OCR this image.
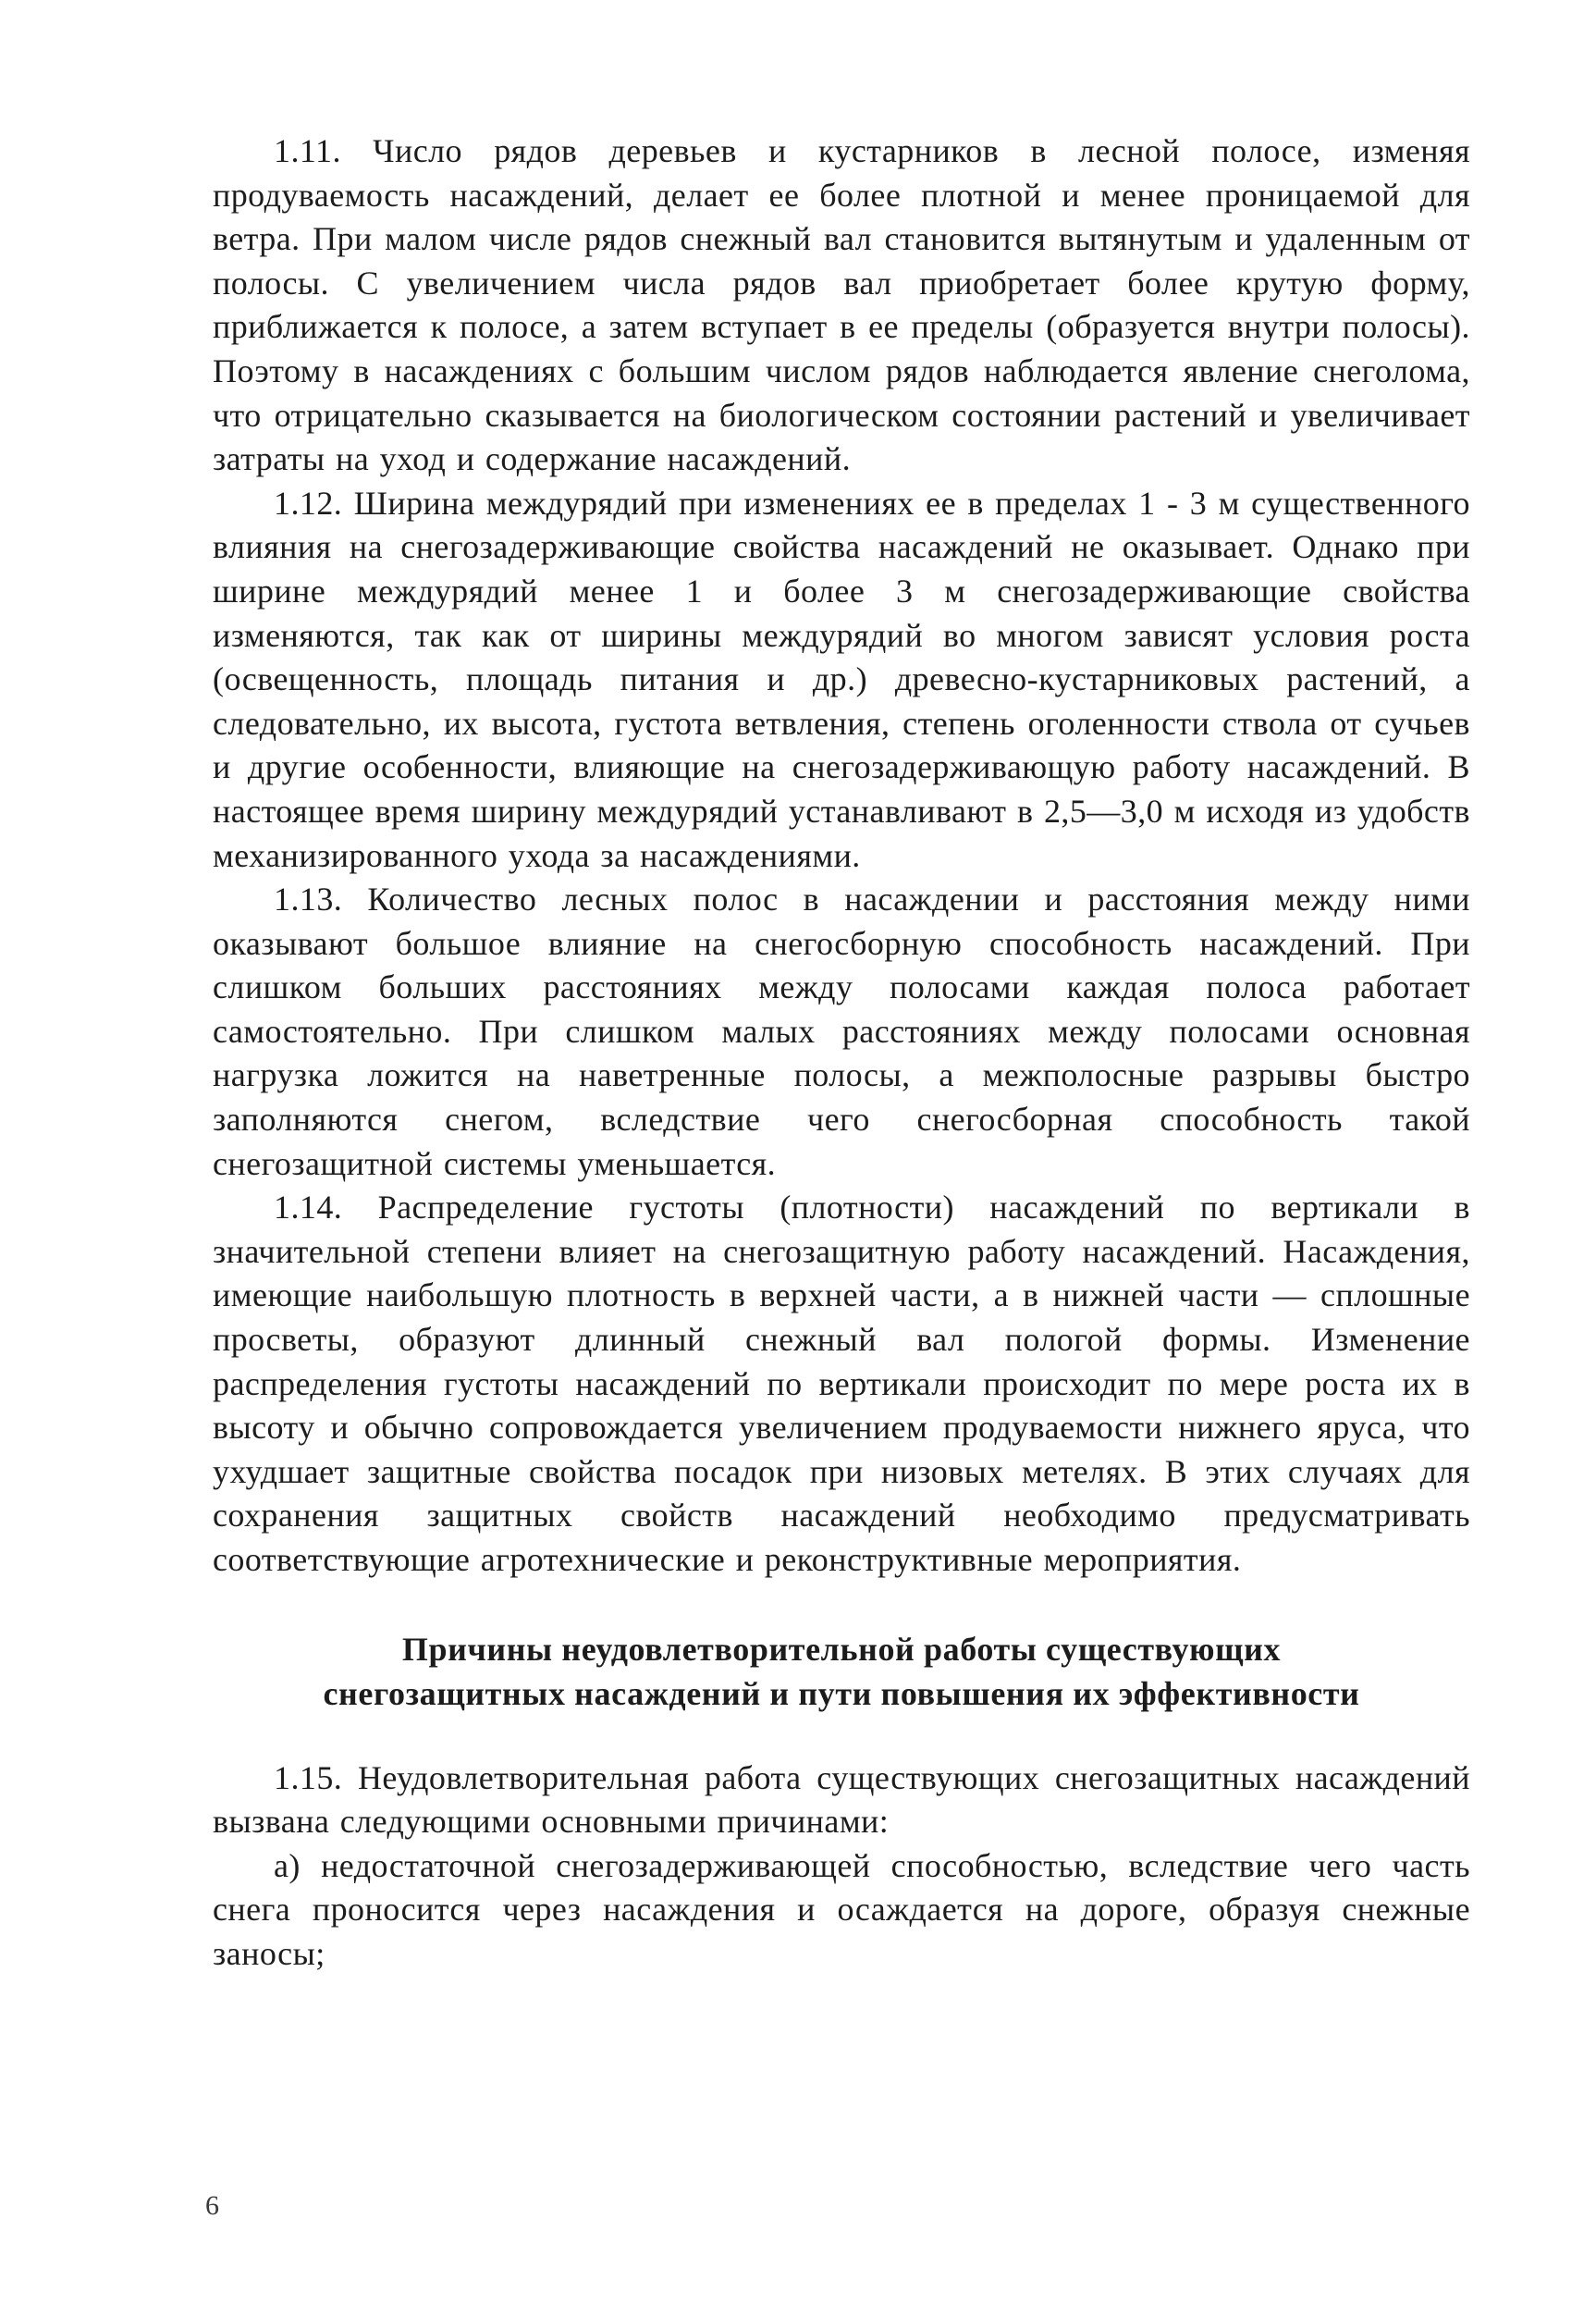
1.11. Число рядов деревьев и кустарников в лесной полосе, изменяя продуваемость насаждений, делает ее более плотной и менее проницаемой для ветра. При малом числе рядов снежный вал становится вытянутым и удаленным от полосы. С увеличением числа рядов вал приобретает более крутую форму, приближается к полосе, а затем вступает в ее пределы (образуется внутри полосы). Поэтому в насаждениях с большим числом рядов наблюдается явление снеголома, что отрицательно сказывается на биологическом состоянии растений и увеличивает затраты на уход и содержание насаждений.

1.12. Ширина междурядий при изменениях ее в пределах 1 - 3 м существенного влияния на снегозадерживающие свойства насаждений не оказывает. Однако при ширине междурядий менее 1 и более 3 м снегозадерживающие свойства изменяются, так как от ширины междурядий во многом зависят условия роста (освещенность, площадь питания и др.) древесно-кустарниковых растений, а следовательно, их высота, густота ветвления, степень оголенности ствола от сучьев и другие особенности, влияющие на снегозадерживающую работу насаждений. В настоящее время ширину междурядий устанавливают в 2,5—3,0 м исходя из удобств механизированного ухода за насаждениями.

1.13. Количество лесных полос в насаждении и расстояния между ними оказывают большое влияние на снегосборную способность насаждений. При слишком больших расстояниях между полосами каждая полоса работает самостоятельно. При слишком малых расстояниях между полосами основная нагрузка ложится на наветренные полосы, а межполосные разрывы быстро заполняются снегом, вследствие чего снегосборная способность такой снегозащитной системы уменьшается.

1.14. Распределение густоты (плотности) насаждений по вертикали в значительной степени влияет на снегозащитную работу насаждений. Насаждения, имеющие наибольшую плотность в верхней части, а в нижней части — сплошные просветы, образуют длинный снежный вал пологой формы. Изменение распределения густоты насаждений по вертикали происходит по мере роста их в высоту и обычно сопровождается увеличением продуваемости нижнего яруса, что ухудшает защитные свойства посадок при низовых метелях. В этих случаях для сохранения защитных свойств насаждений необходимо предусматривать соответствующие агротехнические и реконструктивные мероприятия.

Причины неудовлетворительной работы существующих
снегозащитных насаждений и пути повышения их эффективности

1.15. Неудовлетворительная работа существующих снегозащитных насаждений вызвана следующими основными причинами:

а) недостаточной снегозадерживающей способностью, вследствие чего часть снега проносится через насаждения и осаждается на дороге, образуя снежные заносы;

6
